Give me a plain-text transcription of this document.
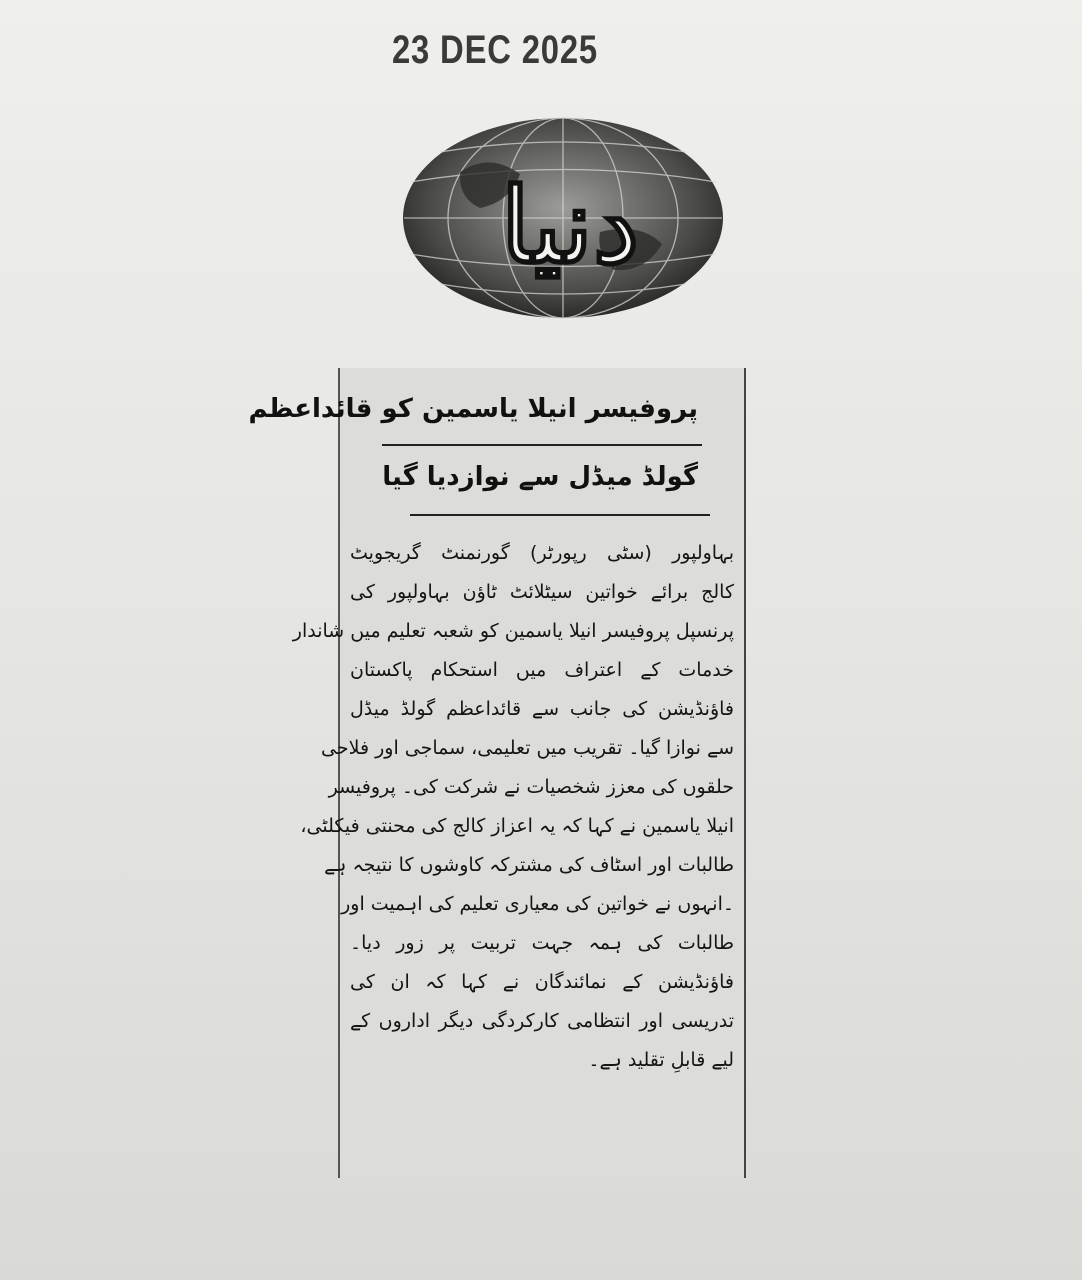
23 DEC 2025
دنیا
پروفیسر انیلا یاسمین کو قائداعظم
گولڈ میڈل سے نوازدیا گیا
بہاولپور (سٹی رپورٹر) گورنمنٹ گریجویٹ
کالج برائے خواتین سیٹلائٹ ٹاؤن بہاولپور کی
پرنسپل پروفیسر انیلا یاسمین کو شعبہ تعلیم میں شاندار
خدمات کے اعتراف میں استحکام پاکستان
فاؤنڈیشن کی جانب سے قائداعظم گولڈ میڈل
سے نوازا گیا۔ تقریب میں تعلیمی، سماجی اور فلاحی
حلقوں کی معزز شخصیات نے شرکت کی۔ پروفیسر
انیلا یاسمین نے کہا کہ یہ اعزاز کالج کی محنتی فیکلٹی،
طالبات اور اسٹاف کی مشترکہ کاوشوں کا نتیجہ ہے
۔انہوں نے خواتین کی معیاری تعلیم کی اہمیت اور
طالبات کی ہمہ جہت تربیت پر زور دیا۔
فاؤنڈیشن کے نمائندگان نے کہا کہ ان کی
تدریسی اور انتظامی کارکردگی دیگر اداروں کے
لیے قابلِ تقلید ہے۔
